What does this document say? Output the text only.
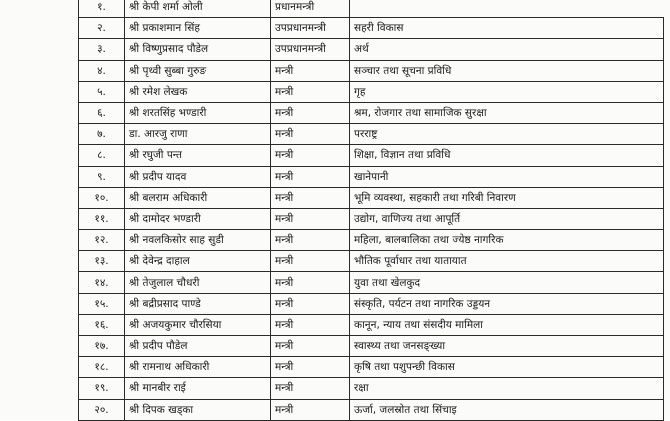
१.	श्री केपी शर्मा ओली	प्रधानमन्त्री	
२.	श्री प्रकाशमान सिंह	उपप्रधानमन्त्री	सहरी विकास
३.	श्री विष्णुप्रसाद पौडेल	उपप्रधानमन्त्री	अर्थ
४.	श्री पृथ्वी सुब्बा गुरुङ	मन्त्री	सञ्चार तथा सूचना प्रविधि
५.	श्री रमेश लेखक	मन्त्री	गृह
६.	श्री शरतसिंह भण्डारी	मन्त्री	श्रम, रोजगार तथा सामाजिक सुरक्षा
७.	डा. आरजु राणा	मन्त्री	परराष्ट्र
८.	श्री रघुजी पन्त	मन्त्री	शिक्षा, विज्ञान तथा प्रविधि
९.	श्री प्रदीप यादव	मन्त्री	खानेपानी
१०.	श्री बलराम अधिकारी	मन्त्री	भूमि व्यवस्था, सहकारी तथा गरिबी निवारण
११.	श्री दामोदर भण्डारी	मन्त्री	उद्योग, वाणिज्य तथा आपूर्ति
१२.	श्री नवलकिसोर साह सुडी	मन्त्री	महिला, बालबालिका तथा ज्येष्ठ नागरिक
१३.	श्री देवेन्द्र दाहाल	मन्त्री	भौतिक पूर्वाधार तथा यातायात
१४.	श्री तेजुलाल चौधरी	मन्त्री	युवा तथा खेलकुद
१५.	श्री बद्रीप्रसाद पाण्डे	मन्त्री	संस्कृति, पर्यटन तथा नागरिक उड्डयन
१६.	श्री अजयकुमार चौरसिया	मन्त्री	कानून, न्याय तथा संसदीय मामिला
१७.	श्री प्रदीप पौडेल	मन्त्री	स्वास्थ्य तथा जनसङ्ख्या
१८.	श्री रामनाथ अधिकारी	मन्त्री	कृषि तथा पशुपन्छी विकास
१९.	श्री मानबीर राई	मन्त्री	रक्षा
२०.	श्री दिपक खड्का	मन्त्री	ऊर्जा, जलस्रोत तथा सिंचाइ
